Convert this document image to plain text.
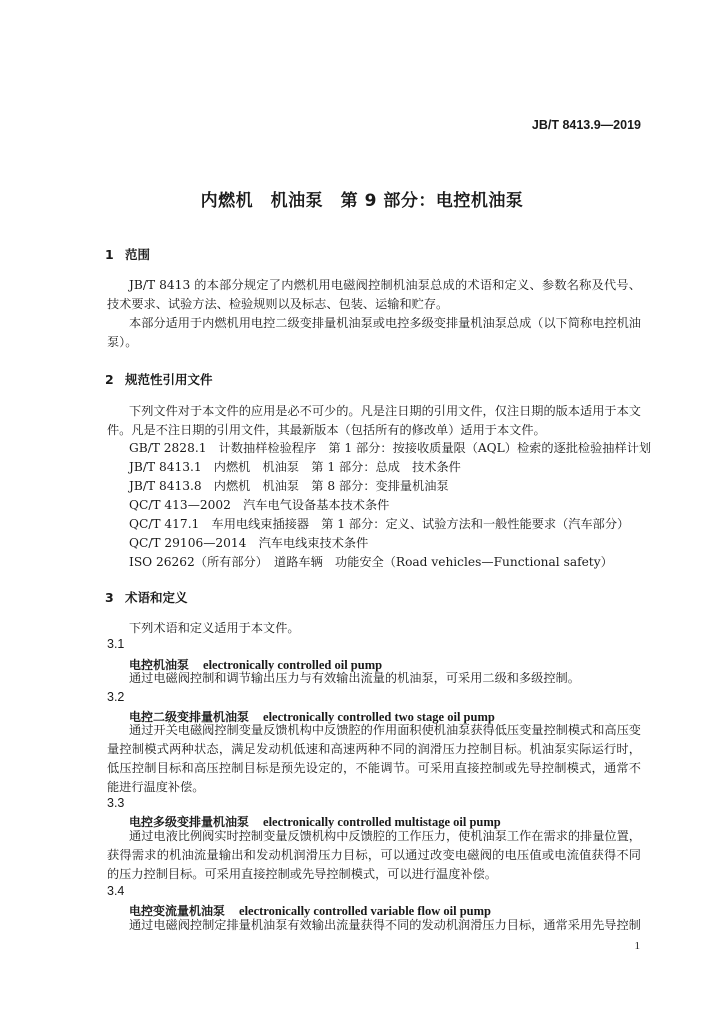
JB/T 8413.9—2019
内燃机　机油泵　第 9 部分：电控机油泵
1 范围
JB/T 8413 的本部分规定了内燃机用电磁阀控制机油泵总成的术语和定义、参数名称及代号、技术要求、试验方法、检验规则以及标志、包装、运输和贮存。
本部分适用于内燃机用电控二级变排量机油泵或电控多级变排量机油泵总成（以下简称电控机油泵）。
2 规范性引用文件
下列文件对于本文件的应用是必不可少的。凡是注日期的引用文件，仅注日期的版本适用于本文件。凡是不注日期的引用文件，其最新版本（包括所有的修改单）适用于本文件。
GB/T 2828.1　计数抽样检验程序　第 1 部分：按接收质量限（AQL）检索的逐批检验抽样计划
JB/T 8413.1　内燃机　机油泵　第 1 部分：总成　技术条件
JB/T 8413.8　内燃机　机油泵　第 8 部分：变排量机油泵
QC/T 413—2002　汽车电气设备基本技术条件
QC/T 417.1　车用电线束插接器　第 1 部分：定义、试验方法和一般性能要求（汽车部分）
QC/T 29106—2014　汽车电线束技术条件
ISO 26262（所有部分）　道路车辆　功能安全（Road vehicles—Functional safety）
3 术语和定义
下列术语和定义适用于本文件。
3.1
电控机油泵 electronically controlled oil pump
通过电磁阀控制和调节输出压力与有效输出流量的机油泵，可采用二级和多级控制。
3.2
电控二级变排量机油泵 electronically controlled two stage oil pump
通过开关电磁阀控制变量反馈机构中反馈腔的作用面积使机油泵获得低压变量控制模式和高压变量控制模式两种状态，满足发动机低速和高速两种不同的润滑压力控制目标。机油泵实际运行时，低压控制目标和高压控制目标是预先设定的，不能调节。可采用直接控制或先导控制模式，通常不能进行温度补偿。
3.3
电控多级变排量机油泵 electronically controlled multistage oil pump
通过电液比例阀实时控制变量反馈机构中反馈腔的工作压力，使机油泵工作在需求的排量位置，获得需求的机油流量输出和发动机润滑压力目标，可以通过改变电磁阀的电压值或电流值获得不同的压力控制目标。可采用直接控制或先导控制模式，可以进行温度补偿。
3.4
电控变流量机油泵 electronically controlled variable flow oil pump
通过电磁阀控制定排量机油泵有效输出流量获得不同的发动机润滑压力目标，通常采用先导控制
1
